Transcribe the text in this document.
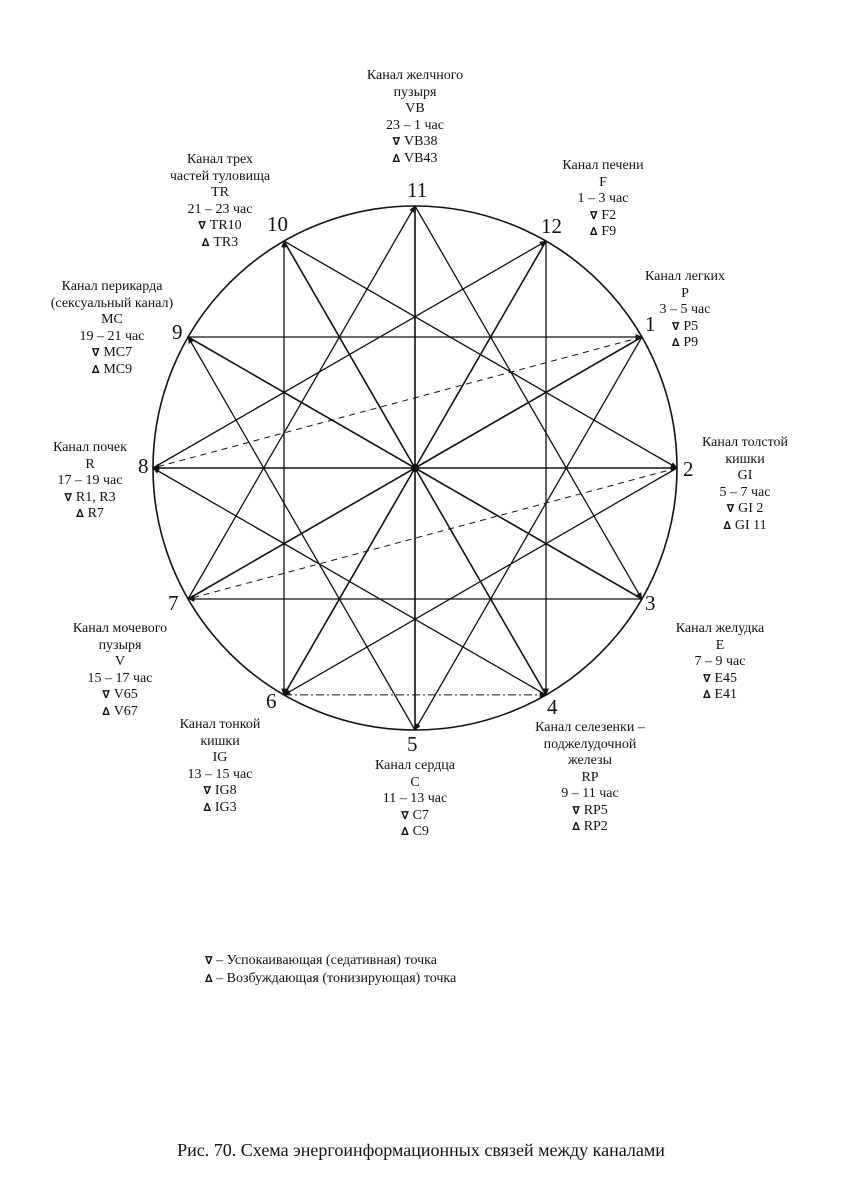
11
12
1
2
3
4
5
6
7
8
9
10
Канал желчного
пузыря
VB
23 – 1 час
∇ VB38
∆ VB43	Канал печени
F
1 – 3 час
∇ F2
∆ F9
Канал легких
P
3 – 5 час
∇ P5
∆ P9
Канал толстой
кишки
GI
5 – 7 час
∇ GI 2
∆ GI 11
Канал желудка
E
7 – 9 час
∇ E45
∆ E41
Канал селезенки –
поджелудочной
железы
RP
9 – 11 час
∇ RP5
∆ RP2
Канал сердца
C
11 – 13 час
∇ C7
∆ C9
Канал тонкой
кишки
IG
13 – 15 час
∇ IG8
∆ IG3
Канал мочевого
пузыря
V
15 – 17 час
∇ V65
∆ V67
Канал почек
R
17 – 19 час
∇ R1, R3
∆ R7
Канал перикарда
(сексуальный канал)
MC
19 – 21 час
∇ MC7
∆ MC9
Канал трех
частей туловища
TR
21 – 23 час
∇ TR10
∆ TR3
∇ – Успокаивающая (седативная) точка
∆ – Возбуждающая (тонизирующая) точка
Рис. 70. Схема энергоинформационных связей между каналами
